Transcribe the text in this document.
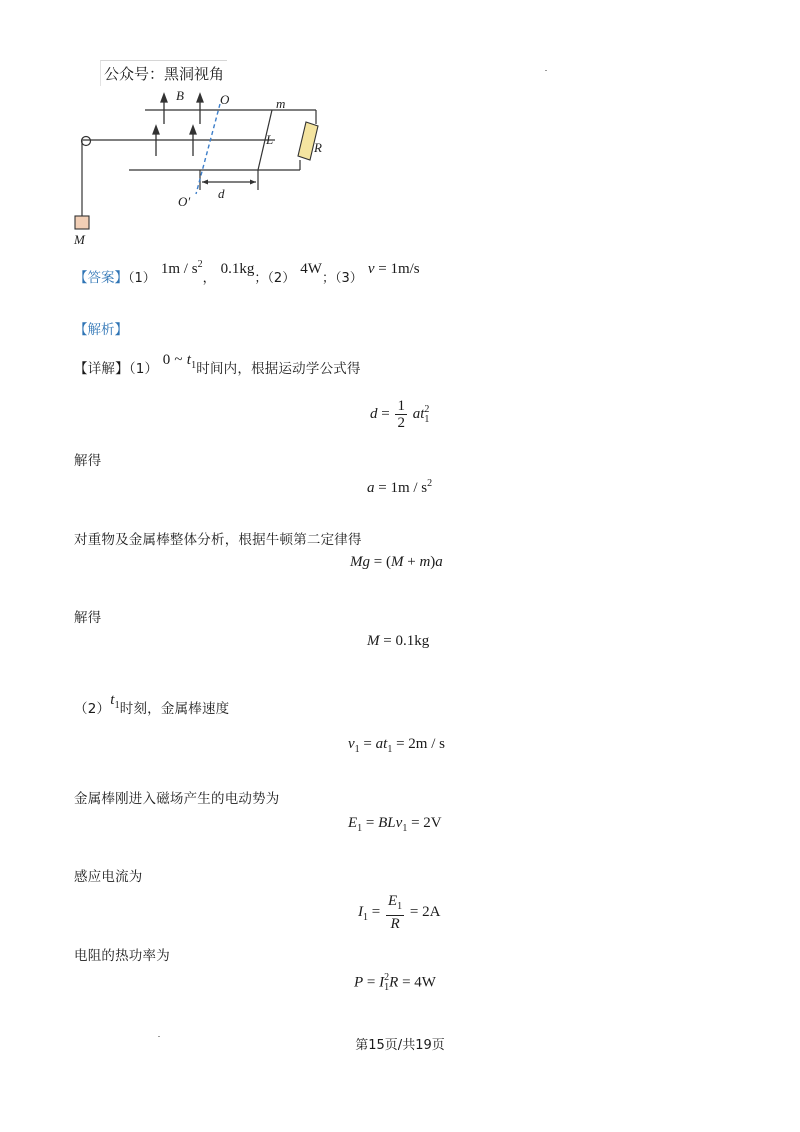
公众号：黑洞视角
B	O	m
L
R
O′
d
M
【答案】（1） $1m / s^2$， 0.1kg；（2） 4W；（3） v = 1m/s
【解析】
【详解】（1） 0 ~ $t_1$时间内，根据运动学公式得
$d = \frac{1}{2}$ at 2
1
解得
$a = 1m / s^2$
对重物及金属棒整体分析，根据牛顿第二定律得
Mg = (M + m)a
解得
M = 0.1kg
$(2)t_1$时刻，金属棒速度
$v_1 = at_1 = 2m / s$
金属棒刚进入磁场产生的电动势为
$E_1 = BLv_1 = 2V$
感应电流为
$I_1 = \frac{E_1}{R} = 2A$
电阻的热功率为
P = I 2
1 R = 4W
第15页/共19页
